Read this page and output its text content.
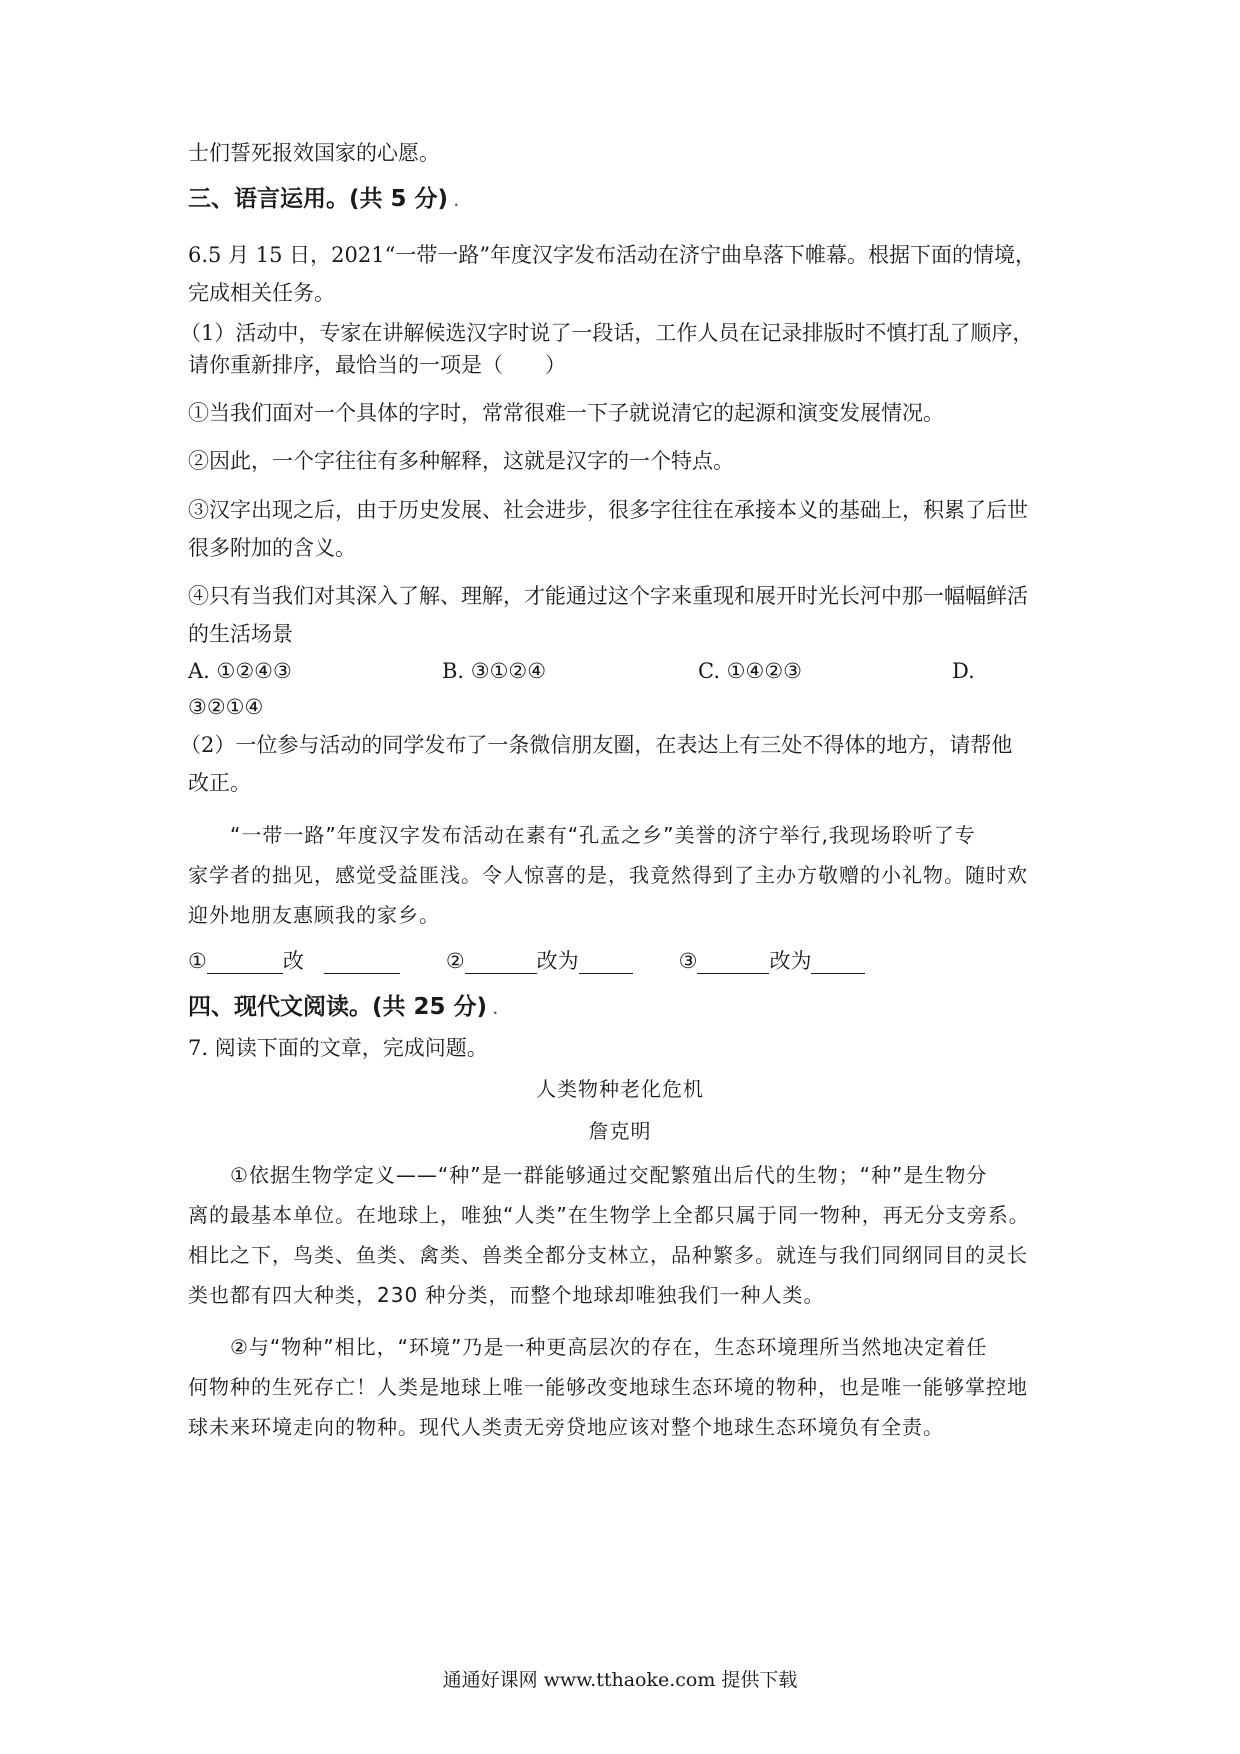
士们誓死报效国家的心愿。
三、语言运用。(共 5 分) .
6.5 月 15 日，2021“一带一路”年度汉字发布活动在济宁曲阜落下帷幕。根据下面的情境，
完成相关任务。
（1）活动中，专家在讲解候选汉字时说了一段话，工作人员在记录排版时不慎打乱了顺序，
请你重新排序，最恰当的一项是（　　）
①当我们面对一个具体的字时，常常很难一下子就说清它的起源和演变发展情况。
②因此，一个字往往有多种解释，这就是汉字的一个特点。
③汉字出现之后，由于历史发展、社会进步，很多字往往在承接本义的基础上，积累了后世
很多附加的含义。
④只有当我们对其深入了解、理解，才能通过这个字来重现和展开时光长河中那一幅幅鲜活
的生活场景
A. ①②④③	B. ③①②④	C. ①④②③	D.
③②①④
（2）一位参与活动的同学发布了一条微信朋友圈，在表达上有三处不得体的地方，请帮他
改正。
“一带一路”年度汉字发布活动在素有“孔孟之乡”美誉的济宁举行,我现场聆听了专
家学者的拙见，感觉受益匪浅。令人惊喜的是，我竟然得到了主办方敬赠的小礼物。随时欢
迎外地朋友惠顾我的家乡。
①	改	②	改为	③	改为
四、现代文阅读。(共 25 分) .
7. 阅读下面的文章，完成问题。
人类物种老化危机
詹克明
①依据生物学定义——“种”是一群能够通过交配繁殖出后代的生物；“种”是生物分
离的最基本单位。在地球上，唯独“人类”在生物学上全都只属于同一物种，再无分支旁系。
相比之下，鸟类、鱼类、禽类、兽类全都分支林立，品种繁多。就连与我们同纲同目的灵长
类也都有四大种类，230 种分类，而整个地球却唯独我们一种人类。
②与“物种”相比，“环境”乃是一种更高层次的存在，生态环境理所当然地决定着任
何物种的生死存亡！人类是地球上唯一能够改变地球生态环境的物种，也是唯一能够掌控地
球未来环境走向的物种。现代人类责无旁贷地应该对整个地球生态环境负有全责。
通通好课网 www.tthaoke.com 提供下载
